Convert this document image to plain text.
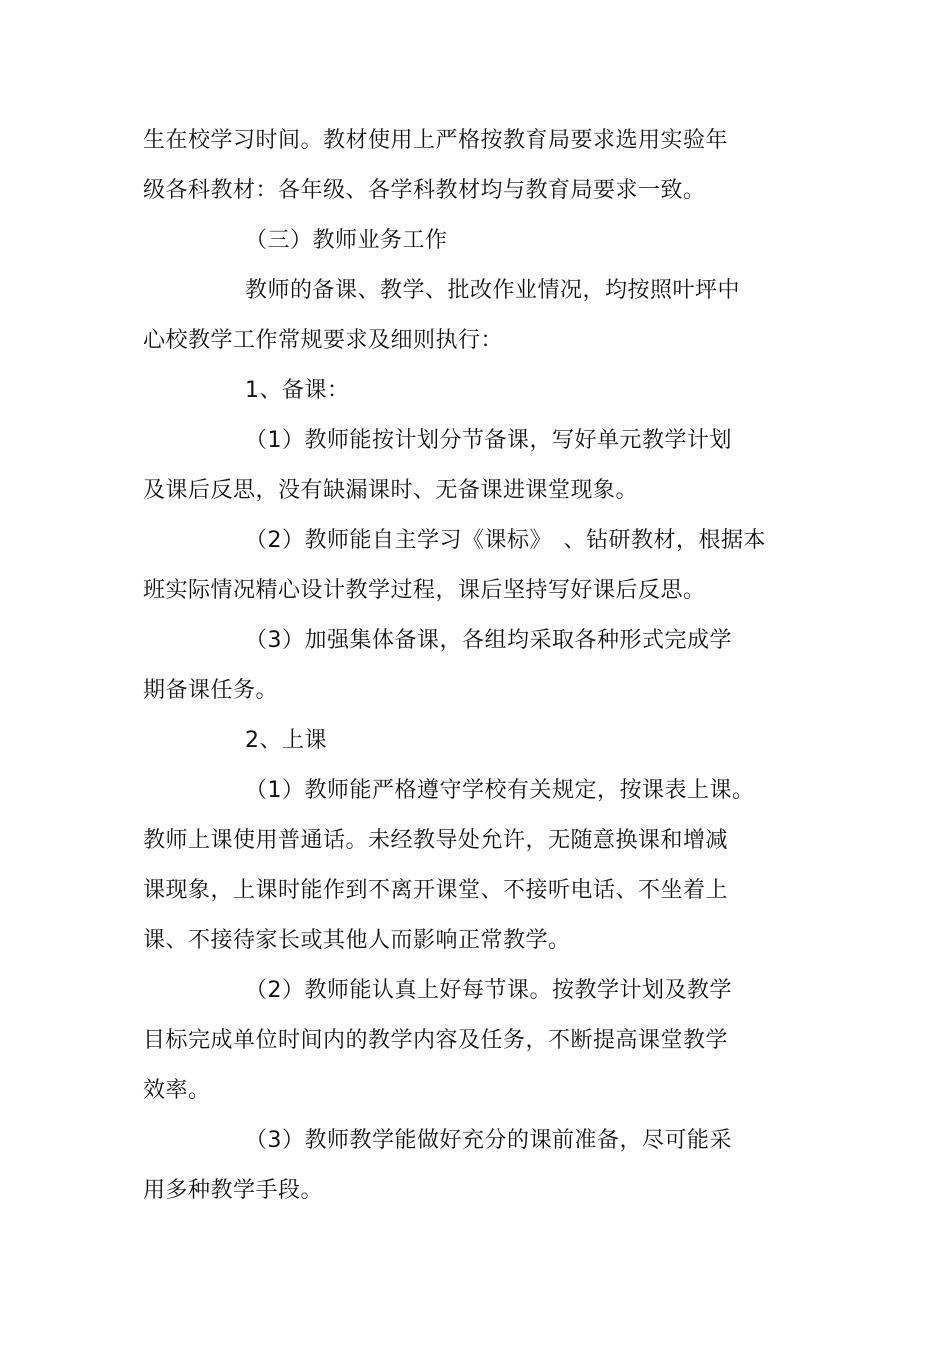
生在校学习时间。教材使用上严格按教育局要求选用实验年
级各科教材：各年级、各学科教材均与教育局要求一致。
（三）教师业务工作
教师的备课、教学、批改作业情况，均按照叶坪中
心校教学工作常规要求及细则执行：
1、备课：
（1）教师能按计划分节备课，写好单元教学计划
及课后反思，没有缺漏课时、无备课进课堂现象。
（2）教师能自主学习《课标》　、钻研教材，根据本
班实际情况精心设计教学过程，课后坚持写好课后反思。
（3）加强集体备课，各组均采取各种形式完成学
期备课任务。
2、上课
（1）教师能严格遵守学校有关规定，按课表上课。
教师上课使用普通话。未经教导处允许，无随意换课和增减
课现象，上课时能作到不离开课堂、不接听电话、不坐着上
课、不接待家长或其他人而影响正常教学。
（2）教师能认真上好每节课。按教学计划及教学
目标完成单位时间内的教学内容及任务，不断提高课堂教学
效率。
（3）教师教学能做好充分的课前准备，尽可能采
用多种教学手段。
